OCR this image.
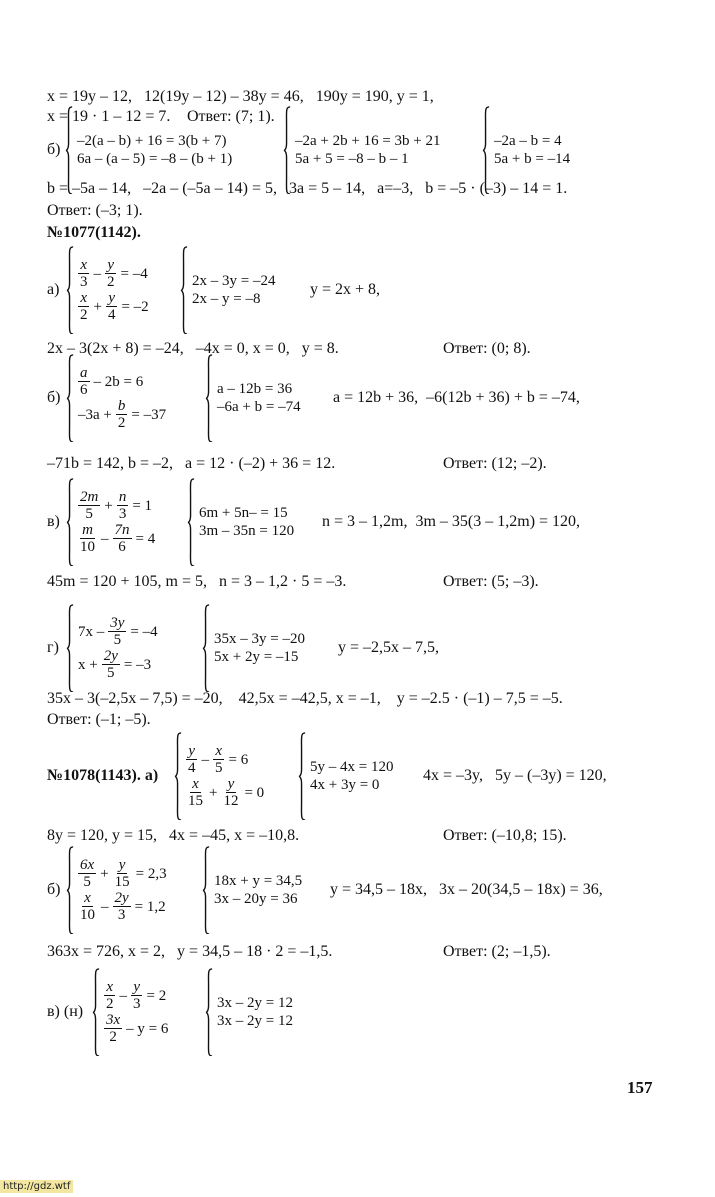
x = 19y – 12,   12(19y – 12) – 38y = 46,   190y = 190, y = 1,
x = 19 · 1 – 12 = 7. Ответ: (7; 1).
б) –2(a – b) + 16 = 3(b + 7)
6a – (a – 5) = –8 – (b + 1)
–2a + 2b + 16 = 3b + 21
5a + 5 = –8 – b – 1
–2a – b = 4
5a + b = –14
b = –5a – 14,   –2a – (–5a – 14) = 5,   3a = 5 – 14,   a=–3,   b = –5 · (–3) – 14 = 1.
Ответ: (–3; 1).
№1077(1142).
$а) \frac{x}{3} - \frac{y}{2} = -4$
$\frac{x}{2} + \frac{y}{4} = -2$
2x – 3y = –24
2x – y = –8
y = 2x + 8,
2x – 3(2x + 8) = –24,   –4x = 0, x = 0,   y = 8.	Ответ: (0; 8).
$б) \frac{a}{6} - 2b = 6$
$-3a + \frac{b}{2} = -37$
a – 12b = 36
–6a + b = –74
a = 12b + 36,  –6(12b + 36) + b = –74,
–71b = 142, b = –2,   a = 12 · (–2) + 36 = 12.	Ответ: (12; –2).
$в) \frac{2m}{5} + \frac{n}{3} = 1$
$\frac{m}{10} - \frac{7n}{6} = 4$
6m + 5n– = 15
3m – 35n = 120
n = 3 – 1,2m,  3m – 35(3 – 1,2m) = 120,
45m = 120 + 105, m = 5,   n = 3 – 1,2 · 5 = –3.	Ответ: (5; –3).
г)
$7x - \frac{3y}{5} = -4$
$x + \frac{2y}{5} = -3$
35x – 3y = –20
5x + 2y = –15
y = –2,5x – 7,5,
35x – 3(–2,5x – 7,5) = –20,    42,5x = –42,5, x = –1,    y = –2.5 · (–1) – 7,5 = –5.
Ответ: (–1; –5).
№1078(1143). $а) \frac{y}{4} - \frac{x}{5} = 6$
$\frac{x}{15} + \frac{y}{12} = 0$
5y – 4x = 120
4x + 3y = 0
4x = –3y,   5y – (–3y) = 120,
8y = 120, y = 15,   4x = –45, x = –10,8.	Ответ: (–10,8; 15).
$б) \frac{6x}{5} + \frac{y}{15} = 2,3$
$\frac{x}{10} - \frac{2y}{3} = 1,2$
18x + y = 34,5
3x – 20y = 36
y = 34,5 – 18x,   3x – 20(34,5 – 18x) = 36,
363x = 726, x = 2,   y = 34,5 – 18 · 2 = –1,5.	Ответ: (2; –1,5).
в) $(н) \frac{x}{2} - \frac{y}{3} = 2$
$\frac{3x}{2} - y = 6$
3x – 2y = 12
3x – 2y = 12
157
http://gdz.wtf
